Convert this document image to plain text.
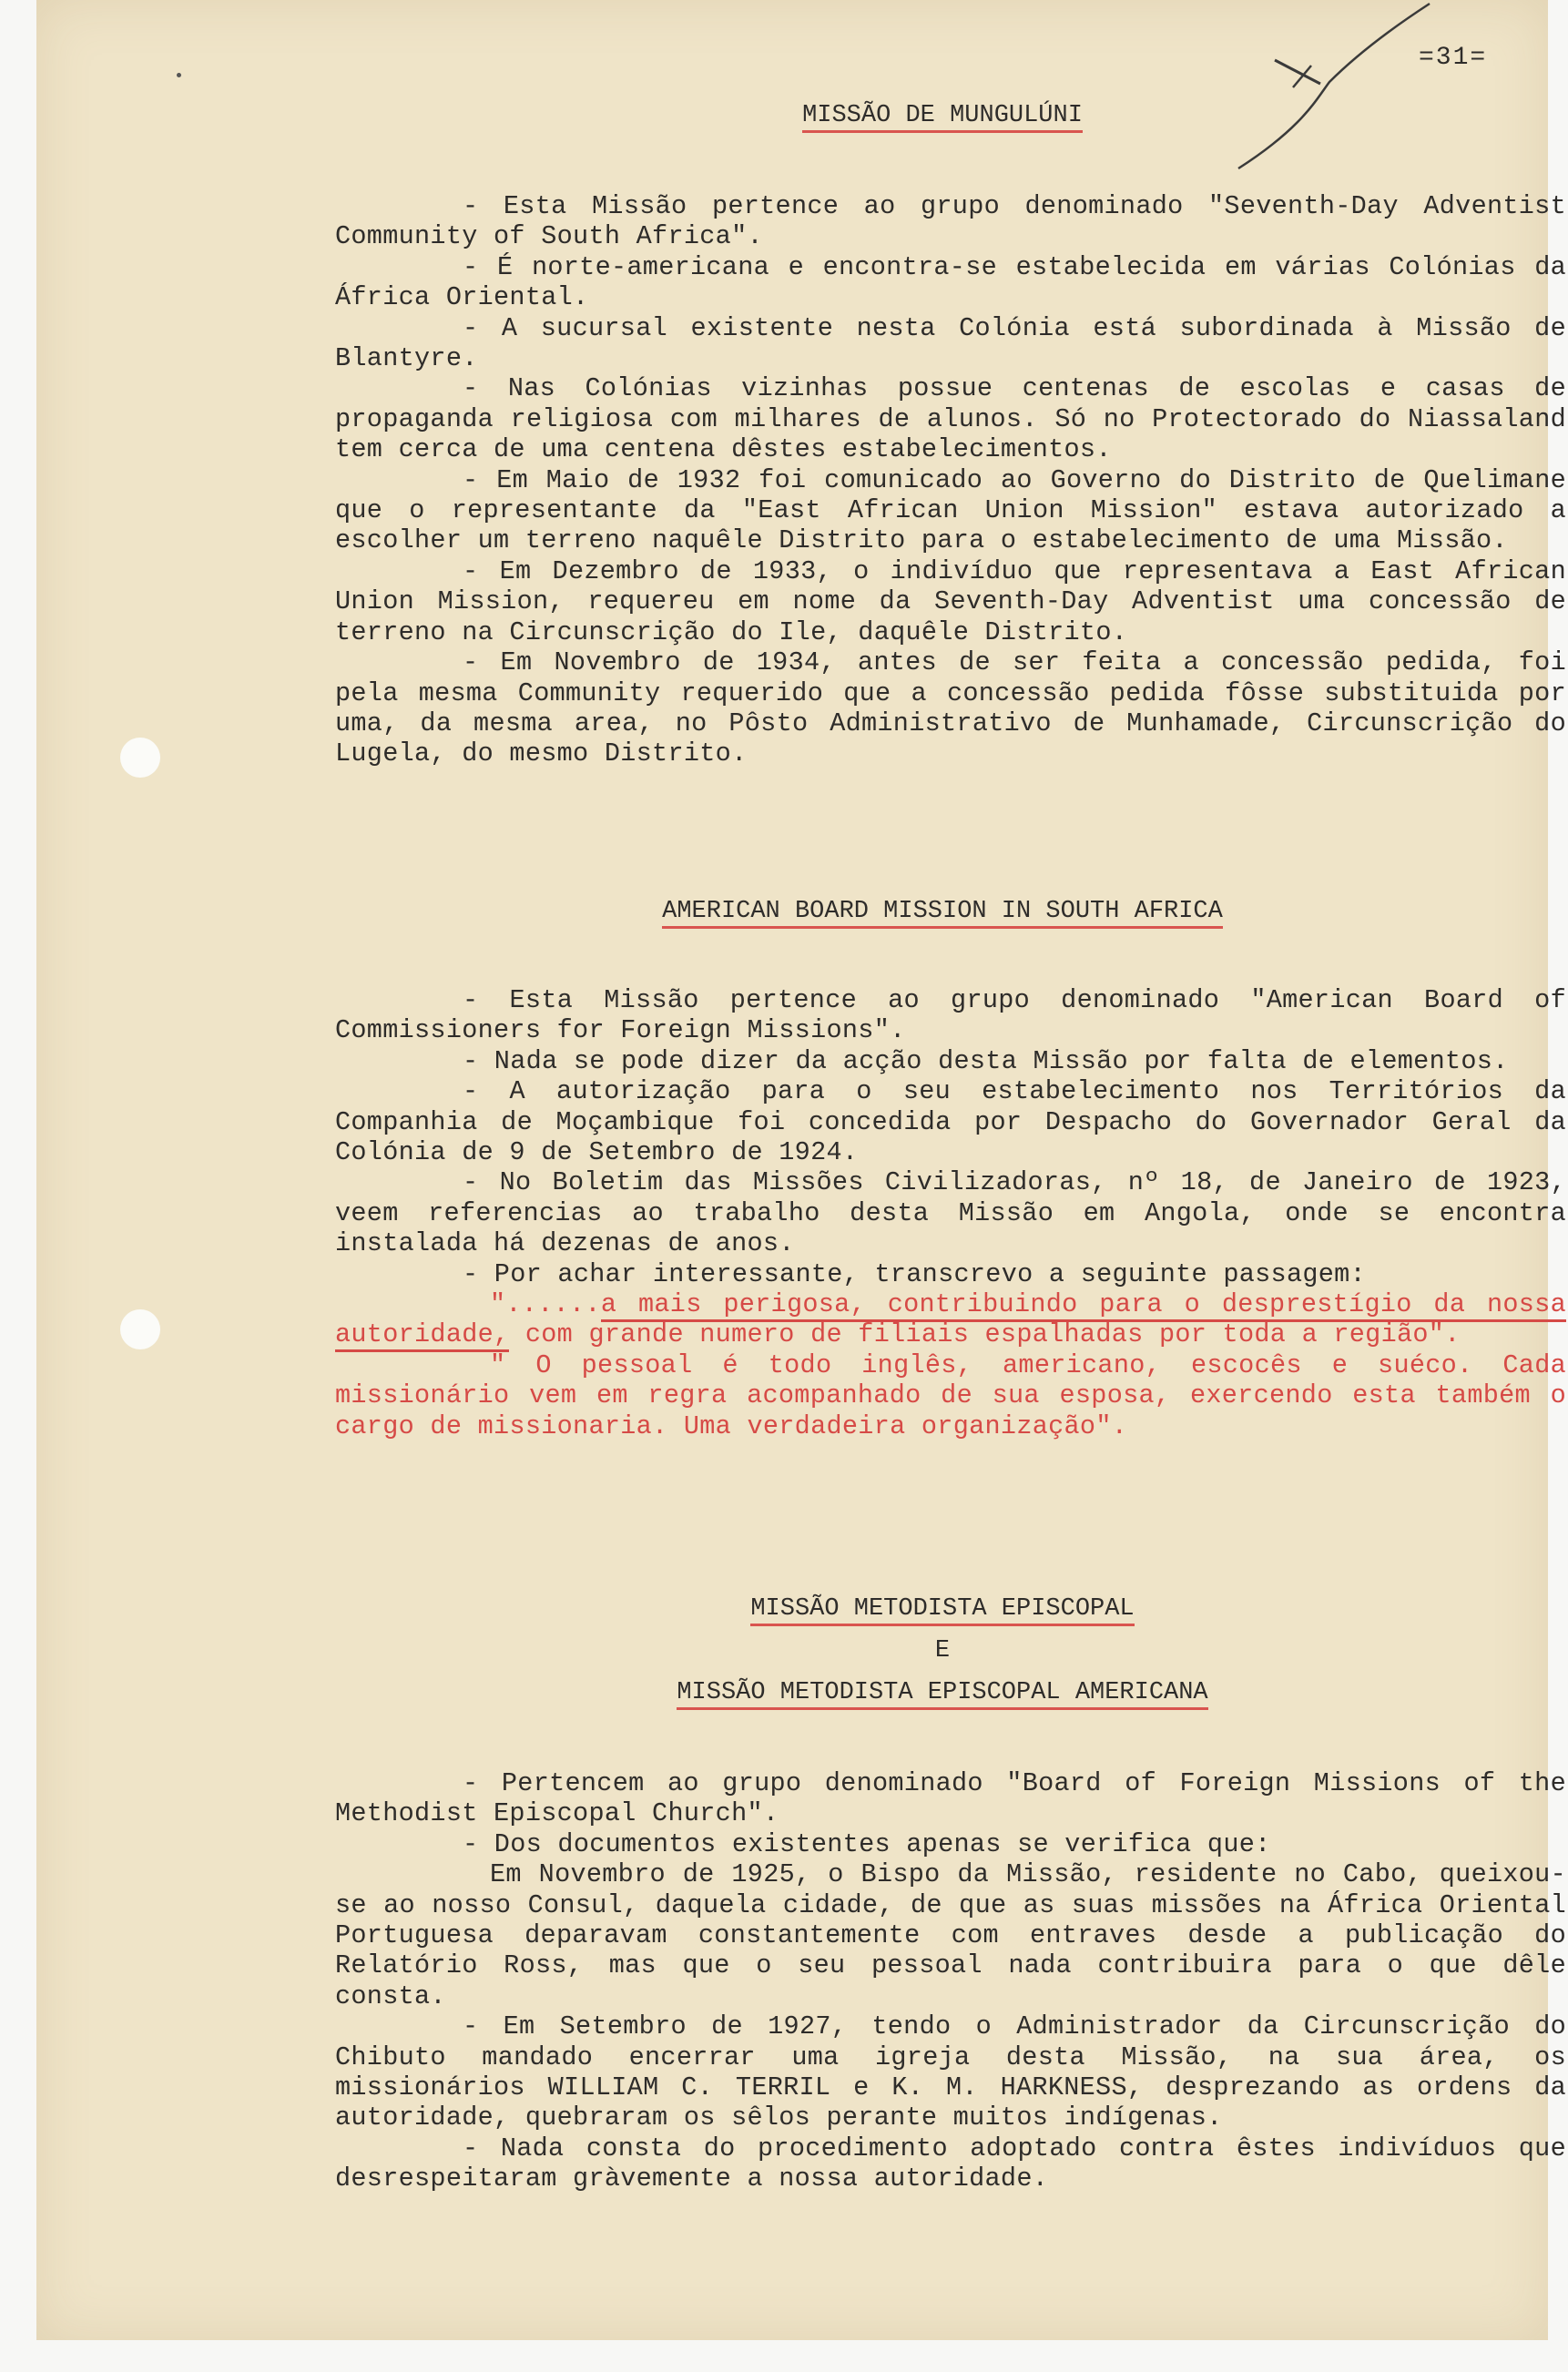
=31=
MISSÃO DE MUNGULÚNI

- Esta Missão pertence ao grupo denominado "Seventh-Day Adventist Community of South Africa".

- É norte-americana e encontra-se estabelecida em várias Colónias da África Oriental.

- A sucursal existente nesta Colónia está subordinada à Missão de Blantyre.

- Nas Colónias vizinhas possue centenas de escolas e casas de propaganda religiosa com milhares de alunos. Só no Protectorado do Niassaland tem cerca de uma centena dêstes estabelecimentos.

- Em Maio de 1932 foi comunicado ao Governo do Distrito de Quelimane que o representante da "East African Union Mission" estava autorizado a escolher um terreno naquêle Distrito para o estabelecimento de uma Missão.

- Em Dezembro de 1933, o indivíduo que representava a East African Union Mission, requereu em nome da Seventh-Day Adventist uma concessão de terreno na Circunscrição do Ile, daquêle Distrito.

- Em Novembro de 1934, antes de ser feita a concessão pedida, foi pela mesma Community requerido que a concessão pedida fôsse substituida por uma, da mesma area, no Pôsto Administrativo de Munhamade, Circunscrição do Lugela, do mesmo Distrito.

AMERICAN BOARD MISSION IN SOUTH AFRICA

- Esta Missão pertence ao grupo denominado "American Board of Commissioners for Foreign Missions".

- Nada se pode dizer da acção desta Missão por falta de elementos.

- A autorização para o seu estabelecimento nos Territórios da Companhia de Moçambique foi concedida por Despacho do Governador Geral da Colónia de 9 de Setembro de 1924.

- No Boletim das Missões Civilizadoras, nº 18, de Janeiro de 1923, veem referencias ao trabalho desta Missão em Angola, onde se encontra instalada há dezenas de anos.

- Por achar interessante, transcrevo a seguinte passagem:

"......a mais perigosa, contribuindo para o desprestígio da nossa autoridade, com grande numero de filiais espalhadas por toda a região".

" O pessoal é todo inglês, americano, escocês e suéco. Cada missionário vem em regra acompanhado de sua esposa, exercendo esta também o cargo de missionaria. Uma verdadeira organização".

MISSÃO METODISTA EPISCOPAL
E
MISSÃO METODISTA EPISCOPAL AMERICANA

- Pertencem ao grupo denominado "Board of Foreign Missions of the Methodist Episcopal Church".

- Dos documentos existentes apenas se verifica que:

Em Novembro de 1925, o Bispo da Missão, residente no Cabo, queixou-se ao nosso Consul, daquela cidade, de que as suas missões na África Oriental Portuguesa deparavam constantemente com entraves desde a publicação do Relatório Ross, mas que o seu pessoal nada contribuira para o que dêle consta.

- Em Setembro de 1927, tendo o Administrador da Circunscrição do Chibuto mandado encerrar uma igreja desta Missão, na sua área, os missionários WILLIAM C. TERRIL e K. M. HARKNESS, desprezando as ordens da autoridade, quebraram os sêlos perante muitos indígenas.

- Nada consta do procedimento adoptado contra êstes indivíduos que desrespeitaram gràvemente a nossa autoridade.
